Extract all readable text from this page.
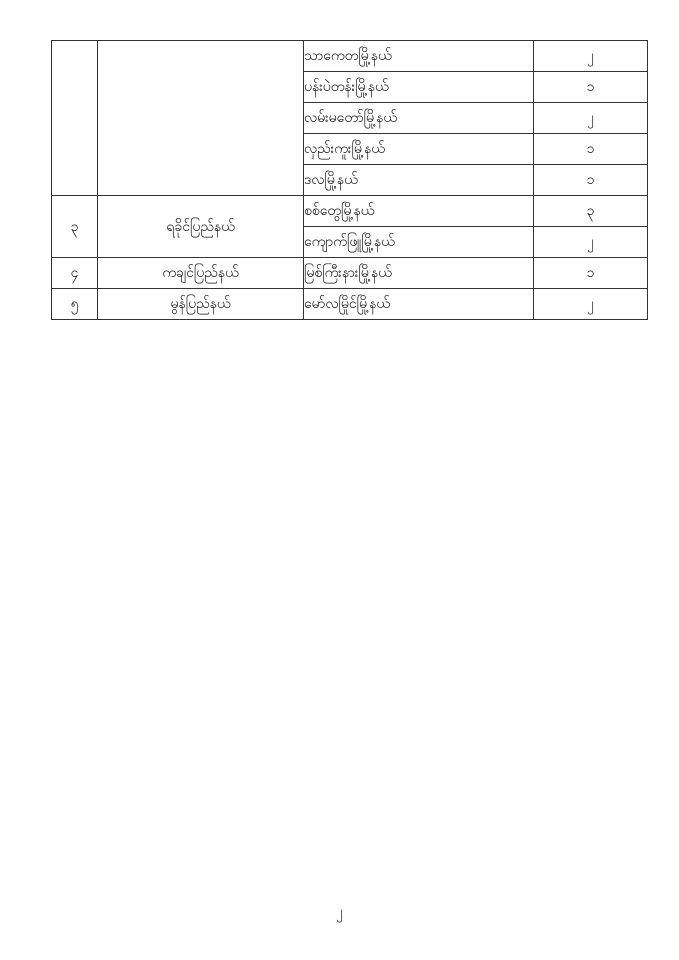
		သာကေတမြို့နယ်	၂
		ပန်းပဲတန်းမြို့နယ်	၁
		လမ်းမတော်မြို့နယ်	၂
		လှည်းကူးမြို့နယ်	၁
		ဒလမြို့နယ်	၁
၃	ရခိုင်ပြည်နယ်	စစ်တွေမြို့နယ်	၃
		ကျောက်ဖြူမြို့နယ်	၂
၄	ကချင်ပြည်နယ်	မြစ်ကြီးနားမြို့နယ်	၁
၅	မွန်ပြည်နယ်	မော်လမြိုင်မြို့နယ်	၂
၂
